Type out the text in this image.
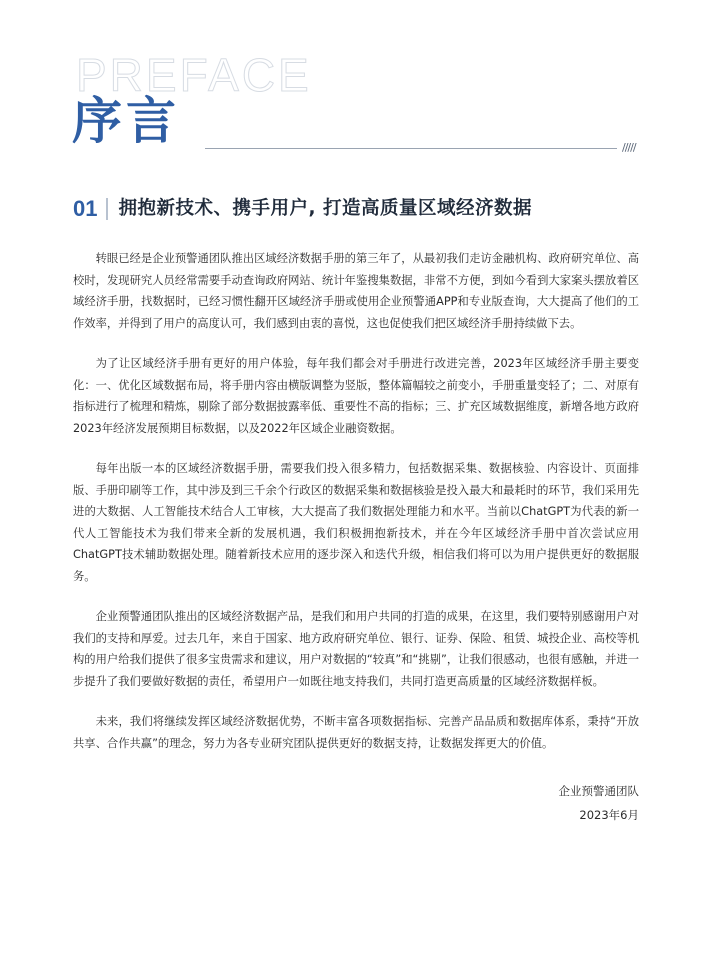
PREFACE
序言	/////
01 拥抱新技术、携手用户, 打造高质量区域经济数据

转眼已经是企业预警通团队推出区域经济数据手册的第三年了，从最初我们走访金融机构、政府研究单位、高校时，发现研究人员经常需要手动查询政府网站、统计年鉴搜集数据，非常不方便，到如今看到大家案头摆放着区域经济手册，找数据时，已经习惯性翻开区域经济手册或使用企业预警通APP和专业版查询，大大提高了他们的工作效率，并得到了用户的高度认可，我们感到由衷的喜悦，这也促使我们把区域经济手册持续做下去。

为了让区域经济手册有更好的用户体验，每年我们都会对手册进行改进完善，2023年区域经济手册主要变化：一、优化区域数据布局，将手册内容由横版调整为竖版，整体篇幅较之前变小，手册重量变轻了；二、对原有指标进行了梳理和精炼，剔除了部分数据披露率低、重要性不高的指标；三、扩充区域数据维度，新增各地方政府2023年经济发展预期目标数据，以及2022年区域企业融资数据。

每年出版一本的区域经济数据手册，需要我们投入很多精力，包括数据采集、数据核验、内容设计、页面排版、手册印刷等工作，其中涉及到三千余个行政区的数据采集和数据核验是投入最大和最耗时的环节，我们采用先进的大数据、人工智能技术结合人工审核，大大提高了我们数据处理能力和水平。当前以ChatGPT为代表的新一代人工智能技术为我们带来全新的发展机遇，我们积极拥抱新技术，并在今年区域经济手册中首次尝试应用ChatGPT技术辅助数据处理。随着新技术应用的逐步深入和迭代升级，相信我们将可以为用户提供更好的数据服务。

企业预警通团队推出的区域经济数据产品，是我们和用户共同的打造的成果，在这里，我们要特别感谢用户对我们的支持和厚爱。过去几年，来自于国家、地方政府研究单位、银行、证券、保险、租赁、城投企业、高校等机构的用户给我们提供了很多宝贵需求和建议，用户对数据的“较真”和“挑剔”，让我们很感动，也很有感触，并进一步提升了我们要做好数据的责任，希望用户一如既往地支持我们，共同打造更高质量的区域经济数据样板。

未来，我们将继续发挥区域经济数据优势，不断丰富各项数据指标、完善产品品质和数据库体系，秉持“开放共享、合作共赢”的理念，努力为各专业研究团队提供更好的数据支持，让数据发挥更大的价值。

企业预警通团队
2023年6月
